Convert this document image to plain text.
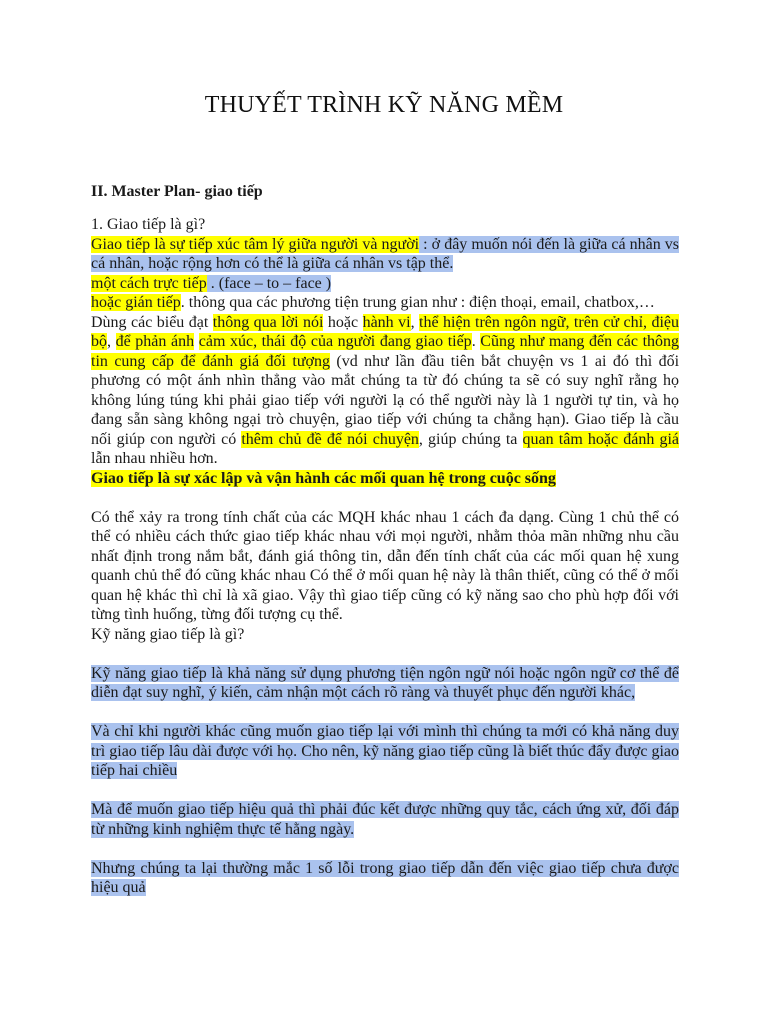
THUYẾT TRÌNH KỸ NĂNG MỀM
II. Master Plan- giao tiếp

1. Giao tiếp là gì?

Giao tiếp là sự tiếp xúc tâm lý giữa người và người : ở đây muốn nói đến là giữa cá nhân vs cá nhân, hoặc rộng hơn có thể là giữa cá nhân vs tập thể.

một cách trực tiếp . (face – to – face )

hoặc gián tiếp. thông qua các phương tiện trung gian như : điện thoại, email, chatbox,…

Dùng các biểu đạt thông qua lời nói hoặc hành vi, thể hiện trên ngôn ngữ, trên cử chỉ, điệu bộ, để phản ánh cảm xúc, thái độ của người đang giao tiếp. Cũng như mang đến các thông tin cung cấp để đánh giá đối tượng (vd như lần đầu tiên bắt chuyện vs 1 ai đó thì đối phương có một ánh nhìn thẳng vào mắt chúng ta từ đó chúng ta sẽ có suy nghĩ rằng họ không lúng túng khi phải giao tiếp với người lạ có thể người này là 1 người tự tin, và họ đang sẵn sàng không ngại trò chuyện, giao tiếp với chúng ta chẳng hạn). Giao tiếp là cầu nối giúp con người có thêm chủ đề để nói chuyện, giúp chúng ta quan tâm hoặc đánh giá lẫn nhau nhiều hơn.

Giao tiếp là sự xác lập và vận hành các mối quan hệ trong cuộc sống

Có thể xảy ra trong tính chất của các MQH khác nhau 1 cách đa dạng. Cùng 1 chủ thể có thể có nhiều cách thức giao tiếp khác nhau với mọi người, nhằm thỏa mãn những nhu cầu nhất định trong nắm bắt, đánh giá thông tin, dẫn đến tính chất của các mối quan hệ xung quanh chủ thể đó cũng khác nhau Có thể ở mối quan hệ này là thân thiết, cũng có thể ở mối quan hệ khác thì chỉ là xã giao. Vậy thì giao tiếp cũng có kỹ năng sao cho phù hợp đối với từng tình huống, từng đối tượng cụ thể.

Kỹ năng giao tiếp là gì?

Kỹ năng giao tiếp là khả năng sử dụng phương tiện ngôn ngữ nói hoặc ngôn ngữ cơ thể để diễn đạt suy nghĩ, ý kiến, cảm nhận một cách rõ ràng và thuyết phục đến người khác,

Và chỉ khi người khác cũng muốn giao tiếp lại với mình thì chúng ta mới có khả năng duy trì giao tiếp lâu dài được với họ. Cho nên, kỹ năng giao tiếp cũng là biết thúc đẩy được giao tiếp hai chiều

Mà để muốn giao tiếp hiệu quả thì phải đúc kết được những quy tắc, cách ứng xử, đối đáp từ những kinh nghiệm thực tế hằng ngày.

Nhưng chúng ta lại thường mắc 1 số lỗi trong giao tiếp dẫn đến việc giao tiếp chưa được hiệu quả
